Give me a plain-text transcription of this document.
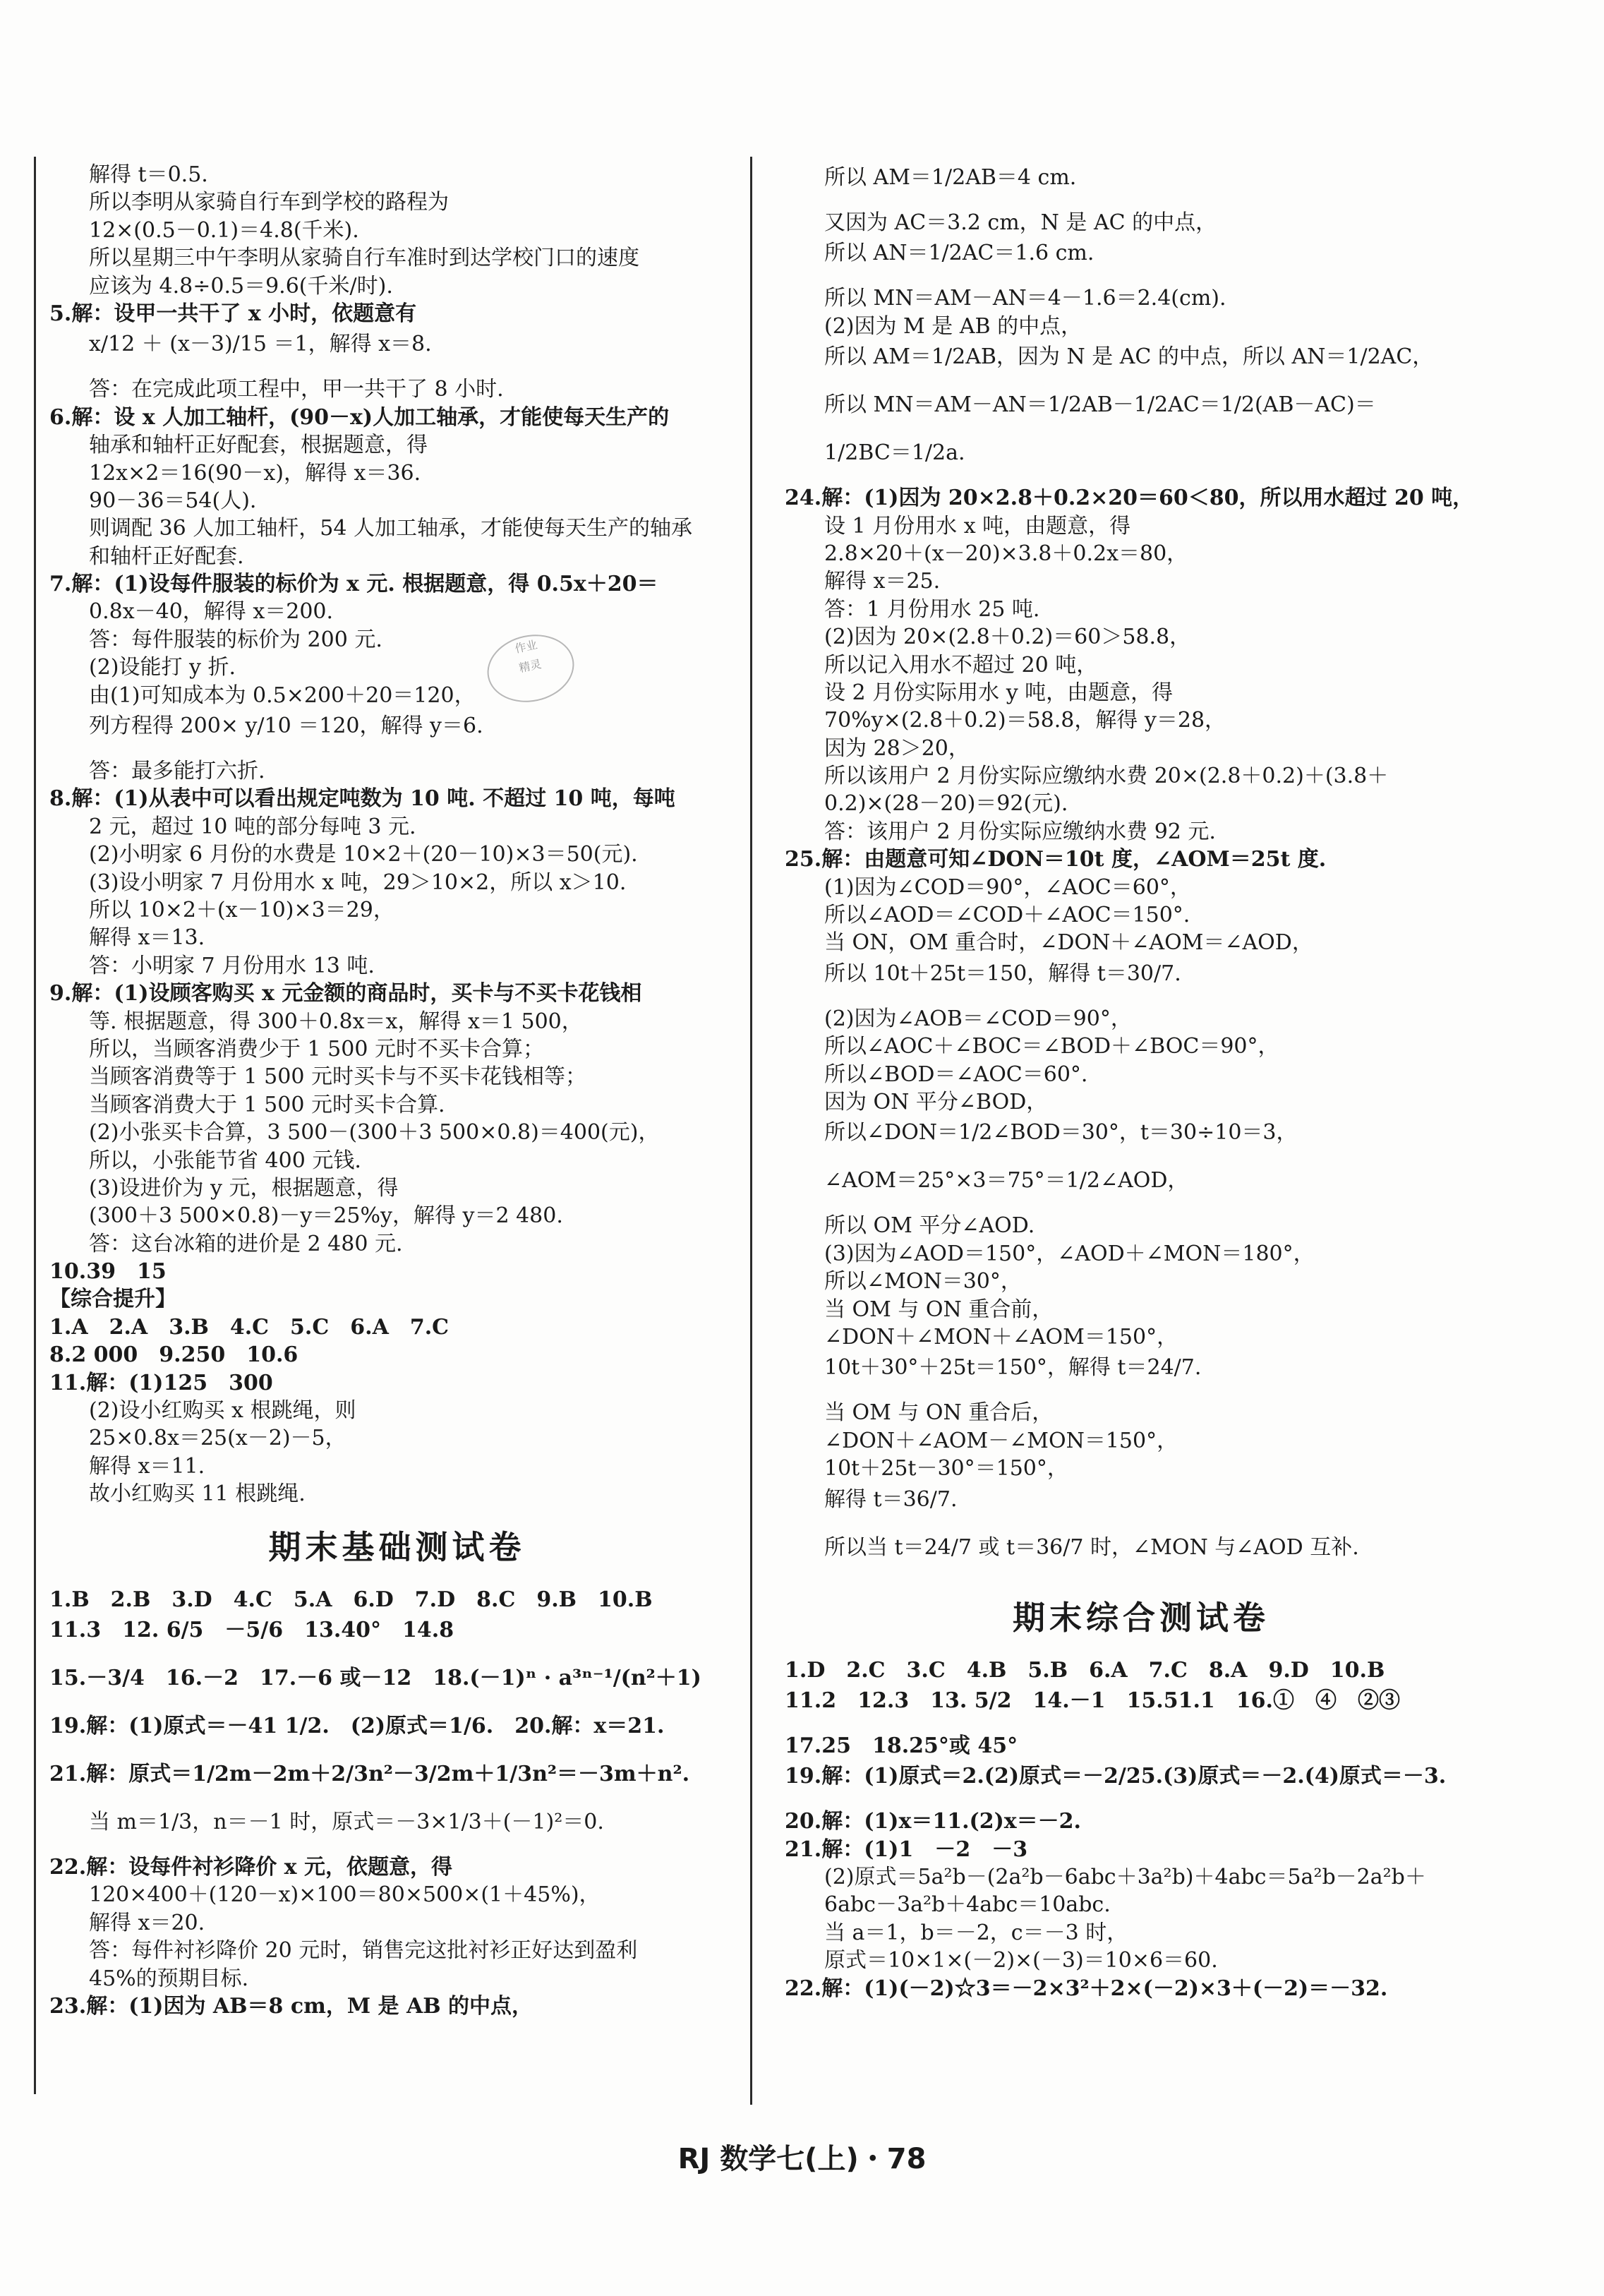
解得 t＝0.5.
所以李明从家骑自行车到学校的路程为
12×(0.5－0.1)＝4.8(千米).
所以星期三中午李明从家骑自行车准时到达学校门口的速度
应该为 4.8÷0.5＝9.6(千米/时).
5.解：设甲一共干了 x 小时，依题意有
x/12 ＋ (x－3)/15 ＝1，解得 x＝8.
答：在完成此项工程中，甲一共干了 8 小时.
6.解：设 x 人加工轴杆，(90－x)人加工轴承，才能使每天生产的
轴承和轴杆正好配套，根据题意，得
12x×2＝16(90－x)，解得 x＝36.
90－36＝54(人).
则调配 36 人加工轴杆，54 人加工轴承，才能使每天生产的轴承
和轴杆正好配套.
7.解：(1)设每件服装的标价为 x 元. 根据题意，得 0.5x＋20＝
0.8x－40，解得 x＝200.
答：每件服装的标价为 200 元.
(2)设能打 y 折.
由(1)可知成本为 0.5×200＋20＝120，
列方程得 200× y/10 ＝120，解得 y＝6.
答：最多能打六折.
8.解：(1)从表中可以看出规定吨数为 10 吨. 不超过 10 吨，每吨
2 元，超过 10 吨的部分每吨 3 元.
(2)小明家 6 月份的水费是 10×2＋(20－10)×3＝50(元).
(3)设小明家 7 月份用水 x 吨，29＞10×2，所以 x＞10.
所以 10×2＋(x－10)×3＝29，
解得 x＝13.
答：小明家 7 月份用水 13 吨.
9.解：(1)设顾客购买 x 元金额的商品时，买卡与不买卡花钱相
等. 根据题意，得 300＋0.8x＝x，解得 x＝1 500，
所以，当顾客消费少于 1 500 元时不买卡合算；
当顾客消费等于 1 500 元时买卡与不买卡花钱相等；
当顾客消费大于 1 500 元时买卡合算.
(2)小张买卡合算，3 500－(300＋3 500×0.8)＝400(元)，
所以，小张能节省 400 元钱.
(3)设进价为 y 元，根据题意，得
(300＋3 500×0.8)－y＝25%y，解得 y＝2 480.
答：这台冰箱的进价是 2 480 元.
10.39　15
【综合提升】
1.A　2.A　3.B　4.C　5.C　6.A　7.C
8.2 000　9.250　10.6
11.解：(1)125　300
(2)设小红购买 x 根跳绳，则
25×0.8x＝25(x－2)－5，
解得 x＝11.
故小红购买 11 根跳绳.
期末基础测试卷
1.B　2.B　3.D　4.C　5.A　6.D　7.D　8.C　9.B　10.B
11.3　12. 6/5　－5/6　13.40°　14.8
15.－3/4　16.－2　17.－6 或－12　18.(－1)ⁿ · a³ⁿ⁻¹/(n²＋1)
19.解：(1)原式＝－41 1/2.　(2)原式＝1/6.　20.解：x＝21.
21.解：原式＝1/2m－2m＋2/3n²－3/2m＋1/3n²＝－3m＋n².
当 m＝1/3，n＝－1 时，原式＝－3×1/3＋(－1)²＝0.
22.解：设每件衬衫降价 x 元，依题意，得
120×400＋(120－x)×100＝80×500×(1＋45%)，
解得 x＝20.
答：每件衬衫降价 20 元时，销售完这批衬衫正好达到盈利
45%的预期目标.
23.解：(1)因为 AB＝8 cm，M 是 AB 的中点，
所以 AM＝1/2AB＝4 cm.
又因为 AC＝3.2 cm，N 是 AC 的中点，
所以 AN＝1/2AC＝1.6 cm.
所以 MN＝AM－AN＝4－1.6＝2.4(cm).
(2)因为 M 是 AB 的中点，
所以 AM＝1/2AB，因为 N 是 AC 的中点，所以 AN＝1/2AC，
所以 MN＝AM－AN＝1/2AB－1/2AC＝1/2(AB－AC)＝
1/2BC＝1/2a.
24.解：(1)因为 20×2.8＋0.2×20＝60＜80，所以用水超过 20 吨，
设 1 月份用水 x 吨，由题意，得
2.8×20＋(x－20)×3.8＋0.2x＝80，
解得 x＝25.
答：1 月份用水 25 吨.
(2)因为 20×(2.8＋0.2)＝60＞58.8，
所以记入用水不超过 20 吨，
设 2 月份实际用水 y 吨，由题意，得
70%y×(2.8＋0.2)＝58.8，解得 y＝28，
因为 28＞20，
所以该用户 2 月份实际应缴纳水费 20×(2.8＋0.2)＋(3.8＋
0.2)×(28－20)＝92(元).
答：该用户 2 月份实际应缴纳水费 92 元.
25.解：由题意可知∠DON＝10t 度，∠AOM＝25t 度.
(1)因为∠COD＝90°，∠AOC＝60°，
所以∠AOD＝∠COD＋∠AOC＝150°.
当 ON，OM 重合时，∠DON＋∠AOM＝∠AOD，
所以 10t＋25t＝150，解得 t＝30/7.
(2)因为∠AOB＝∠COD＝90°，
所以∠AOC＋∠BOC＝∠BOD＋∠BOC＝90°，
所以∠BOD＝∠AOC＝60°.
因为 ON 平分∠BOD，
所以∠DON＝1/2∠BOD＝30°，t＝30÷10＝3，
∠AOM＝25°×3＝75°＝1/2∠AOD，
所以 OM 平分∠AOD.
(3)因为∠AOD＝150°，∠AOD＋∠MON＝180°，
所以∠MON＝30°，
当 OM 与 ON 重合前，
∠DON＋∠MON＋∠AOM＝150°，
10t＋30°＋25t＝150°，解得 t＝24/7.
当 OM 与 ON 重合后，
∠DON＋∠AOM－∠MON＝150°，
10t＋25t－30°＝150°，
解得 t＝36/7.
所以当 t＝24/7 或 t＝36/7 时，∠MON 与∠AOD 互补.
期末综合测试卷
1.D　2.C　3.C　4.B　5.B　6.A　7.C　8.A　9.D　10.B
11.2　12.3　13. 5/2　14.－1　15.51.1　16.①　④　②③
17.25　18.25°或 45°
19.解：(1)原式＝2.(2)原式＝－2/25.(3)原式＝－2.(4)原式＝－3.
20.解：(1)x＝11.(2)x＝－2.
21.解：(1)1　－2　－3
(2)原式＝5a²b－(2a²b－6abc＋3a²b)＋4abc＝5a²b－2a²b＋
6abc－3a²b＋4abc＝10abc.
当 a＝1，b＝－2，c＝－3 时，
原式＝10×1×(－2)×(－3)＝10×6＝60.
22.解：(1)(－2)☆3＝－2×3²＋2×(－2)×3＋(－2)＝－32.
作业
精灵
RJ 数学七(上)・78
